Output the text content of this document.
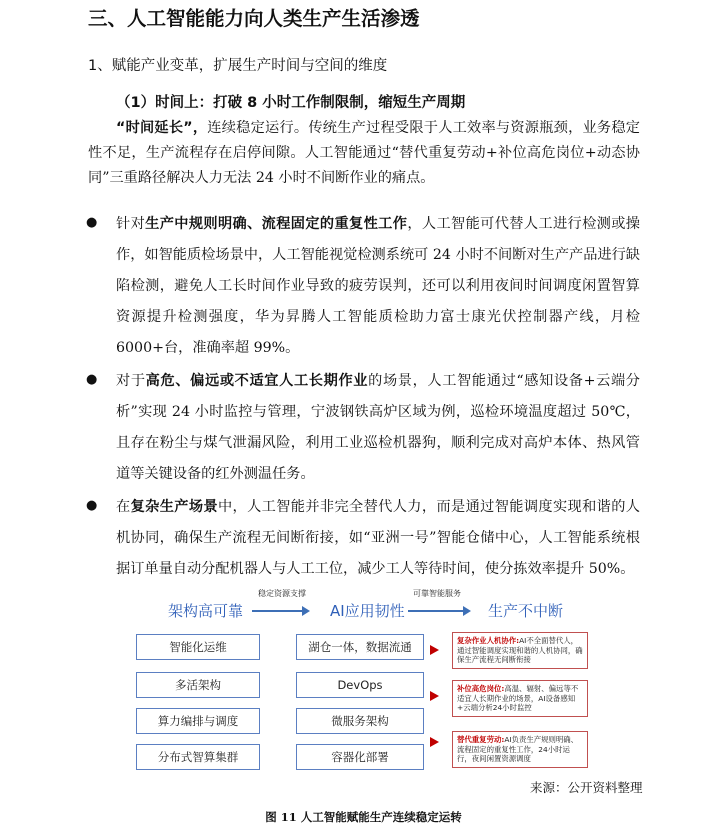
三、人工智能能力向人类生产生活渗透
1、赋能产业变革，扩展生产时间与空间的维度
（1）时间上：打破 8 小时工作制限制，缩短生产周期
“时间延长”，连续稳定运行。传统生产过程受限于人工效率与资源瓶颈，业务稳定性不足，生产流程存在启停间隙。人工智能通过“替代重复劳动+补位高危岗位+动态协同”三重路径解决人力无法 24 小时不间断作业的痛点。
● 针对生产中规则明确、流程固定的重复性工作，人工智能可代替人工进行检测或操作，如智能质检场景中，人工智能视觉检测系统可 24 小时不间断对生产产品进行缺陷检测，避免人工长时间作业导致的疲劳误判，还可以利用夜间时间调度闲置智算资源提升检测强度，华为昇腾人工智能质检助力富士康光伏控制器产线，月检 6000+台，准确率超 99%。
● 对于高危、偏远或不适宜人工长期作业的场景，人工智能通过“感知设备+云端分析”实现 24 小时监控与管理，宁波钢铁高炉区域为例，巡检环境温度超过 50℃，且存在粉尘与煤气泄漏风险，利用工业巡检机器狗，顺利完成对高炉本体、热风管道等关键设备的红外测温任务。
● 在复杂生产场景中，人工智能并非完全替代人力，而是通过智能调度实现和谐的人机协同，确保生产流程无间断衔接，如“亚洲一号”智能仓储中心，人工智能系统根据订单量自动分配机器人与人工工位，减少工人等待时间，使分拣效率提升 50%。
稳定资源支撑	可靠智能服务
架构高可靠	AI应用韧性	生产不中断
智能化运维
多活架构
算力编排与调度
分布式智算集群
湖仓一体，数据流通
DevOps
微服务架构
容器化部署
复杂作业人机协作:AI不全面替代人，通过智能调度实现和谐的人机协同，确保生产流程无间断衔接
补位高危岗位:高温、辐射、偏远等不适宜人长期作业的场景，AI设备感知+云端分析24小时监控
替代重复劳动:AI负责生产规则明确、流程固定的重复性工作，24小时运行，夜间闲置资源调度
来源：公开资料整理
图 11 人工智能赋能生产连续稳定运转
